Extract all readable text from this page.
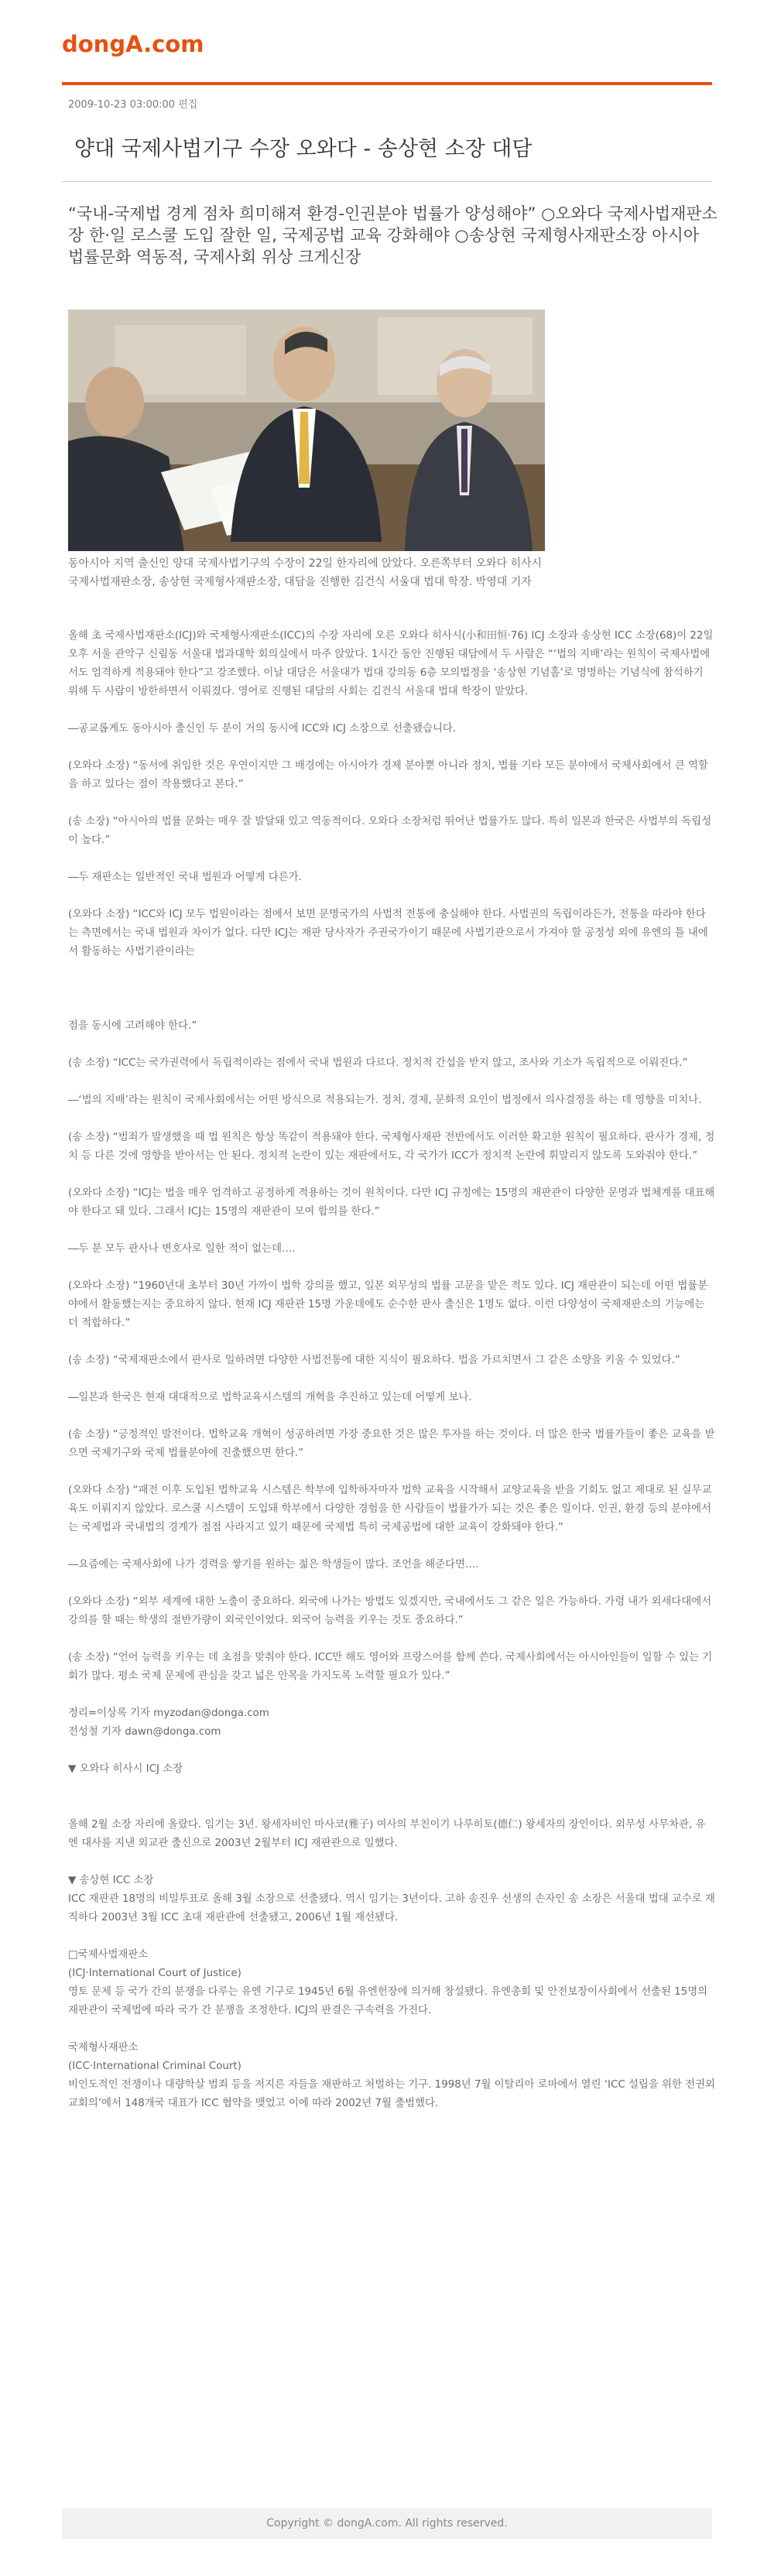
dongA.com
2009-10-23 03:00:00 편집
양대 국제사법기구 수장 오와다 - 송상현 소장 대담
“국내-국제법 경계 점차 희미해져 환경-인권분야 법률가 양성해야” ○오와다 국제사법재판소장 한·일 로스쿨 도입 잘한 일, 국제공법 교육 강화해야 ○송상현 국제형사재판소장 아시아 법률문화 역동적, 국제사회 위상 크게신장
동아시아 지역 출신인 양대 국제사법기구의 수장이 22일 한자리에 앉았다. 오른쪽부터 오와다 히사시 국제사법재판소장, 송상현 국제형사재판소장, 대담을 진행한 김건식 서울대 법대 학장. 박영대 기자

올해 초 국제사법재판소(ICJ)와 국제형사재판소(ICC)의 수장 자리에 오른 오와다 히사시(小和田恒·76) ICJ 소장과 송상현 ICC 소장(68)이 22일 오후 서울 관악구 신림동 서울대 법과대학 회의실에서 마주 앉았다. 1시간 동안 진행된 대담에서 두 사람은 “‘법의 지배’라는 원칙이 국제사법에서도 엄격하게 적용돼야 한다”고 강조했다. 이날 대담은 서울대가 법대 강의동 6층 모의법정을 ‘송상현 기념홀’로 명명하는 기념식에 참석하기 위해 두 사람이 방한하면서 이뤄졌다. 영어로 진행된 대담의 사회는 김건식 서울대 법대 학장이 맡았다.

―공교롭게도 동아시아 출신인 두 분이 거의 동시에 ICC와 ICJ 소장으로 선출됐습니다.

(오와다 소장) “동서에 취임한 것은 우연이지만 그 배경에는 아시아가 경제 분야뿐 아니라 정치, 법률 기타 모든 분야에서 국제사회에서 큰 역할을 하고 있다는 점이 작용했다고 본다.”

(송 소장) “아시아의 법률 문화는 매우 잘 발달돼 있고 역동적이다. 오와다 소장처럼 뛰어난 법률가도 많다. 특히 일본과 한국은 사법부의 독립성이 높다.”

―두 재판소는 일반적인 국내 법원과 어떻게 다른가.

(오와다 소장) “ICC와 ICJ 모두 법원이라는 점에서 보면 문명국가의 사법적 전통에 충실해야 한다. 사법권의 독립이라든가, 전통을 따라야 한다는 측면에서는 국내 법원과 차이가 없다. 다만 ICJ는 재판 당사자가 주권국가이기 때문에 사법기관으로서 가져야 할 공정성 외에 유엔의 틀 내에서 활동하는 사법기관이라는

점을 동시에 고려해야 한다.”

(송 소장) “ICC는 국가권력에서 독립적이라는 점에서 국내 법원과 다르다. 정치적 간섭을 받지 않고, 조사와 기소가 독립적으로 이뤄진다.”

―‘법의 지배’라는 원칙이 국제사회에서는 어떤 방식으로 적용되는가. 정치, 경제, 문화적 요인이 법정에서 의사결정을 하는 데 영향을 미치나.

(송 소장) “범죄가 발생했을 때 법 원칙은 항상 똑같이 적용돼야 한다. 국제형사재판 전반에서도 이러한 확고한 원칙이 필요하다. 판사가 경제, 정치 등 다른 것에 영향을 받아서는 안 된다. 정치적 논란이 있는 재판에서도, 각 국가가 ICC가 정치적 논란에 휘말리지 않도록 도와줘야 한다.”

(오와다 소장) “ICJ는 법을 매우 엄격하고 공정하게 적용하는 것이 원칙이다. 다만 ICJ 규정에는 15명의 재판관이 다양한 문명과 법체계를 대표해야 한다고 돼 있다. 그래서 ICJ는 15명의 재판관이 모여 합의를 한다.”

―두 분 모두 판사나 변호사로 일한 적이 없는데….

(오와다 소장) “1960년대 초부터 30년 가까이 법학 강의를 했고, 일본 외무성의 법률 고문을 맡은 적도 있다. ICJ 재판관이 되는데 어떤 법률분야에서 활동했는지는 중요하지 않다. 현재 ICJ 재판관 15명 가운데에도 순수한 판사 출신은 1명도 없다. 이런 다양성이 국제재판소의 기능에는 더 적합하다.”

(송 소장) “국제재판소에서 판사로 일하려면 다양한 사법전통에 대한 지식이 필요하다. 법을 가르치면서 그 같은 소양을 키울 수 있었다.”

―일본과 한국은 현재 대대적으로 법학교육시스템의 개혁을 추진하고 있는데 어떻게 보나.

(송 소장) “긍정적인 발전이다. 법학교육 개혁이 성공하려면 가장 중요한 것은 많은 투자를 하는 것이다. 더 많은 한국 법률가들이 좋은 교육을 받으면 국제기구와 국제 법률분야에 진출했으면 한다.”

(오와다 소장) “패전 이후 도입된 법학교육 시스템은 학부에 입학하자마자 법학 교육을 시작해서 교양교육을 받을 기회도 없고 제대로 된 실무교육도 이뤄지지 않았다. 로스쿨 시스템이 도입돼 학부에서 다양한 경험을 한 사람들이 법률가가 되는 것은 좋은 일이다. 인권, 환경 등의 분야에서는 국제법과 국내법의 경계가 점점 사라지고 있기 때문에 국제법 특히 국제공법에 대한 교육이 강화돼야 한다.”

―요즘에는 국제사회에 나가 경력을 쌓기를 원하는 젊은 학생들이 많다. 조언을 해준다면….

(오와다 소장) “외부 세계에 대한 노출이 중요하다. 외국에 나가는 방법도 있겠지만, 국내에서도 그 같은 일은 가능하다. 가령 내가 외세다대에서 강의를 할 때는 학생의 절반가량이 외국인이었다. 외국어 능력을 키우는 것도 중요하다.”

(송 소장) “언어 능력을 키우는 데 초점을 맞춰야 한다. ICC만 해도 영어와 프랑스어를 함께 쓴다. 국제사회에서는 아시아인들이 일할 수 있는 기회가 많다. 평소 국제 문제에 관심을 갖고 넓은 안목을 가지도록 노력할 필요가 있다.”

정리=이상록 기자 myzodan@donga.com

전성철 기자 dawn@donga.com

▼ 오와다 히사시 ICJ 소장

올해 2월 소장 자리에 올랐다. 임기는 3년. 왕세자비인 마사코(雅子) 여사의 부친이기 나루히토(德仁) 왕세자의 장인이다. 외무성 사무차관, 유엔 대사를 지낸 외교관 출신으로 2003년 2월부터 ICJ 재판관으로 일했다.

▼ 송상현 ICC 소장

ICC 재판관 18명의 비밀투표로 올해 3월 소장으로 선출됐다. 역시 임기는 3년이다. 고하 송진우 선생의 손자인 송 소장은 서울대 법대 교수로 재직하다 2003년 3월 ICC 초대 재판관에 선출됐고, 2006년 1월 재선됐다.

□국제사법재판소

(ICJ·International Court of Justice)

영토 문제 등 국가 간의 분쟁을 다루는 유엔 기구로 1945년 6월 유엔헌장에 의거해 창설됐다. 유엔총회 및 안전보장이사회에서 선출된 15명의 재판관이 국제법에 따라 국가 간 분쟁을 조정한다. ICJ의 판결은 구속력을 가진다.

국제형사재판소

(ICC·International Criminal Court)

비인도적인 전쟁이나 대량학살 범죄 등을 저지른 자들을 재판하고 처벌하는 기구. 1998년 7월 이탈리아 로마에서 열린 ‘ICC 설립을 위한 전권외교회의’에서 148개국 대표가 ICC 협약을 맺었고 이에 따라 2002년 7월 출범했다.

Copyright © dongA.com. All rights reserved.
